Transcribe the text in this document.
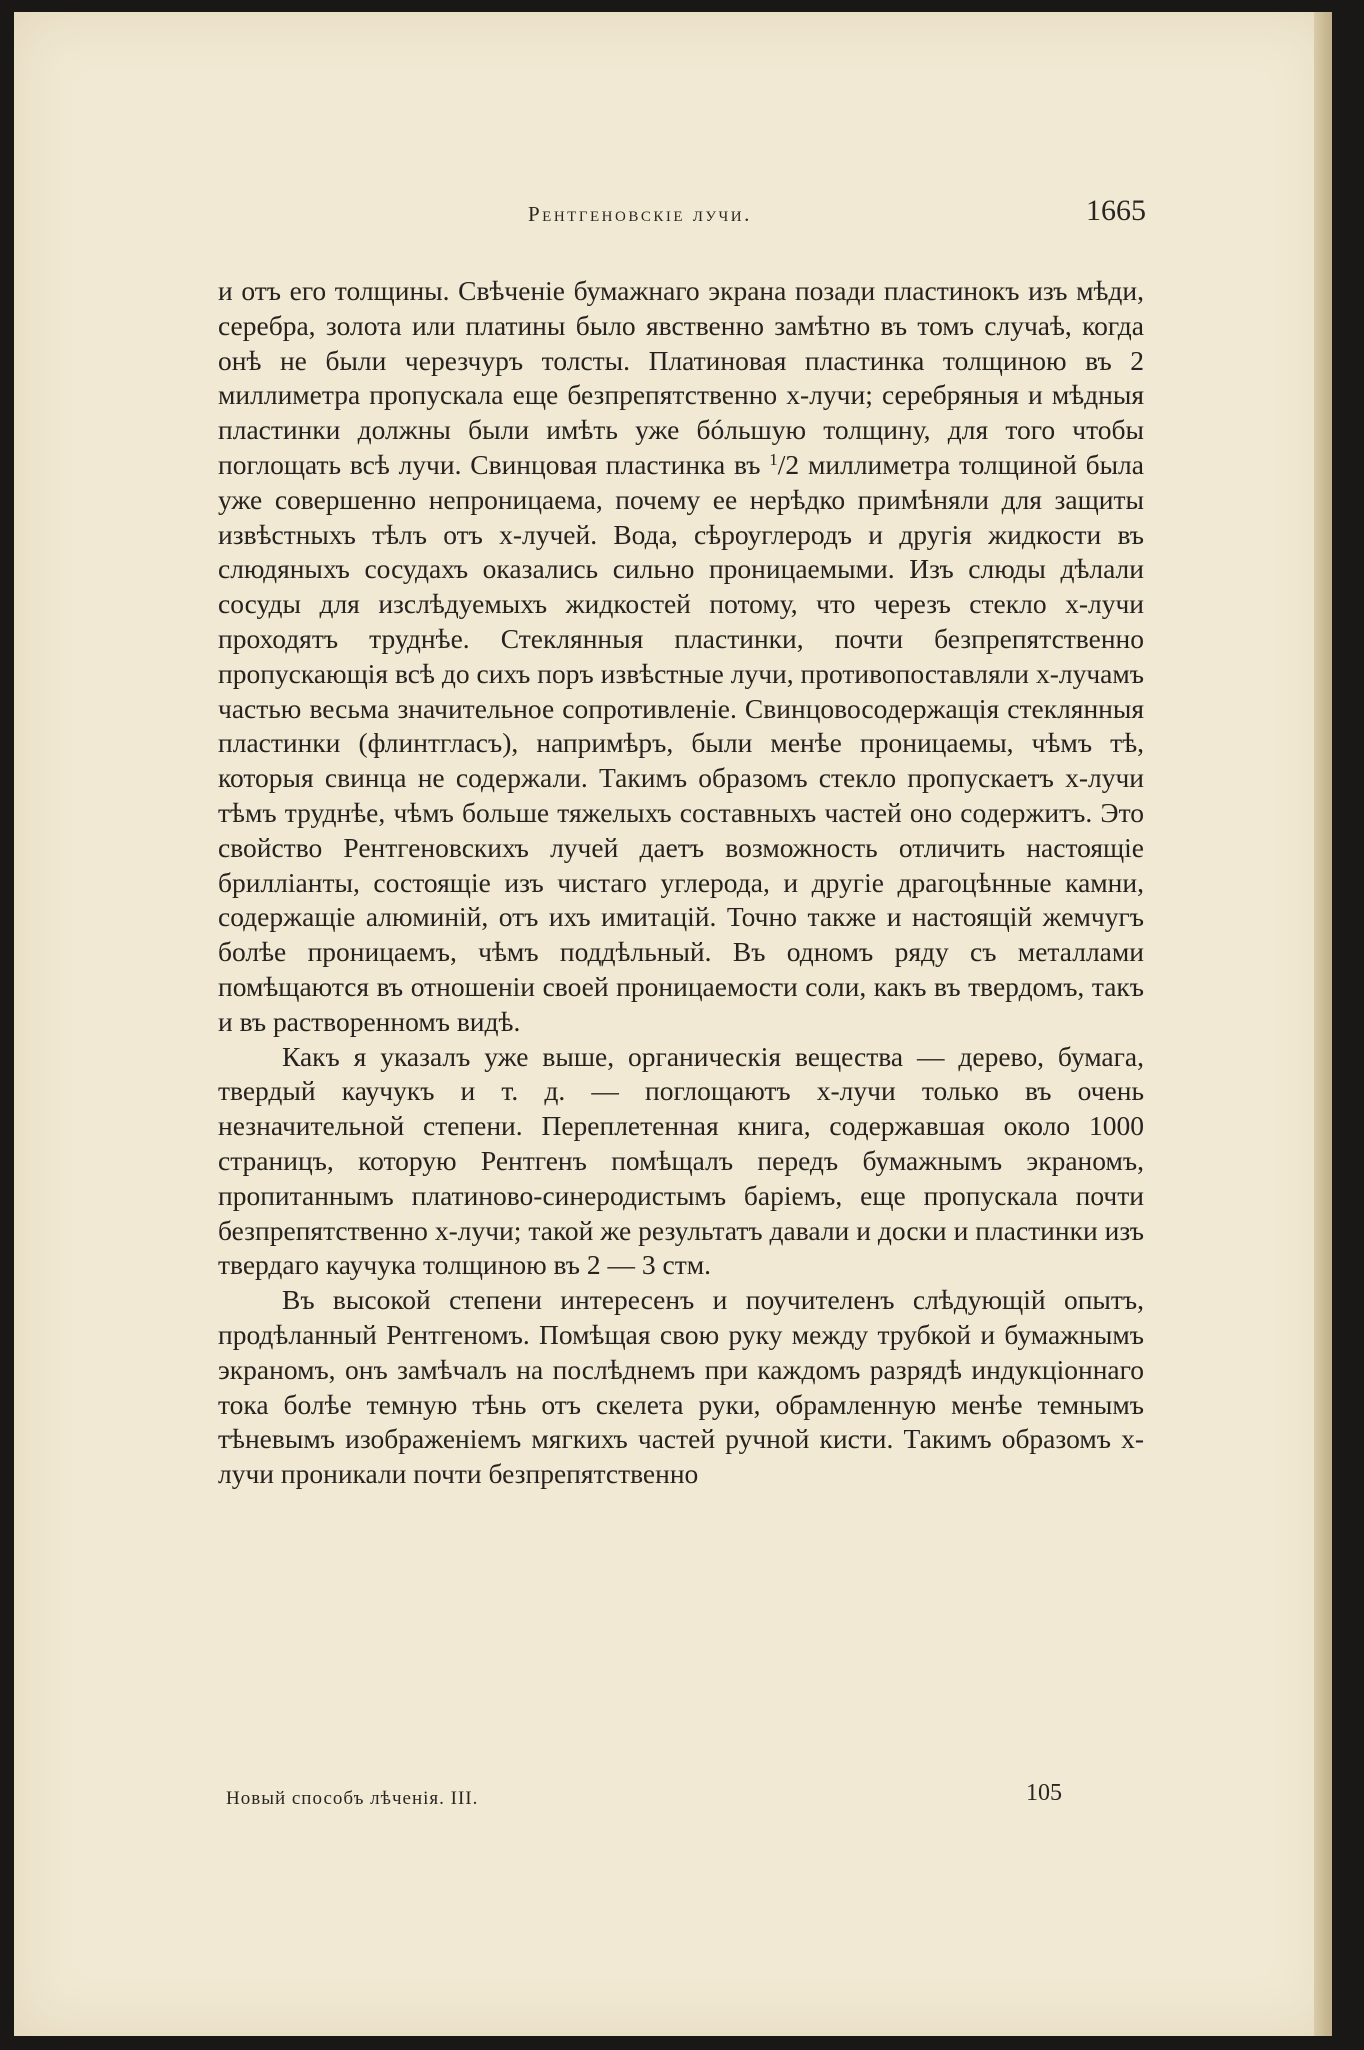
Рентгеновскіе лучи.	1665

и отъ его толщины. Свѣченіе бумажнаго экрана позади пластинокъ изъ мѣди, серебра, золота или платины было явственно замѣтно въ томъ случаѣ, когда онѣ не были черезчуръ толсты. Платиновая пластинка толщиною въ 2 миллиметра пропускала еще безпрепятственно x-лучи; серебряныя и мѣдныя пластинки должны были имѣть уже бóльшую толщину, для того чтобы поглощать всѣ лучи. Свинцовая пластинка въ $^1$/2 миллиметра толщиной была уже совершенно непроницаема, почему ее нерѣдко примѣняли для защиты извѣстныхъ тѣлъ отъ x-лучей. Вода, сѣроуглеродъ и другія жидкости въ слюдяныхъ сосудахъ оказались сильно проницаемыми. Изъ слюды дѣлали сосуды для изслѣдуемыхъ жидкостей потому, что черезъ стекло x-лучи проходятъ труднѣе. Стеклянныя пластинки, почти безпрепятственно пропускающія всѣ до сихъ поръ извѣстные лучи, противопоставляли x-лучамъ частью весьма значительное сопротивленіе. Свинцовосодержащія стеклянныя пластинки (флинтгласъ), напримѣръ, были менѣе проницаемы, чѣмъ тѣ, которыя свинца не содержали. Такимъ образомъ стекло пропускаетъ x-лучи тѣмъ труднѣе, чѣмъ больше тяжелыхъ составныхъ частей оно содержитъ. Это свойство Рентгеновскихъ лучей даетъ возможность отличить настоящіе брилліанты, состоящіе изъ чистаго углерода, и другіе драгоцѣнные камни, содержащіе алюминій, отъ ихъ имитацій. Точно также и настоящій жемчугъ болѣе проницаемъ, чѣмъ поддѣльный. Въ одномъ ряду съ металлами помѣщаются въ отношеніи своей проницаемости соли, какъ въ твердомъ, такъ и въ растворенномъ видѣ.

Какъ я указалъ уже выше, органическія вещества — дерево, бумага, твердый каучукъ и т. д. — поглощаютъ x-лучи только въ очень незначительной степени. Переплетенная книга, содержавшая около 1000 страницъ, которую Рентгенъ помѣщалъ передъ бумажнымъ экраномъ, пропитаннымъ платиново-синеродистымъ баріемъ, еще пропускала почти безпрепятственно x-лучи; такой же результатъ давали и доски и пластинки изъ твердаго каучука толщиною въ 2 — 3 стм.

Въ высокой степени интересенъ и поучителенъ слѣдующій опытъ, продѣланный Рентгеномъ. Помѣщая свою руку между трубкой и бумажнымъ экраномъ, онъ замѣчалъ на послѣднемъ при каждомъ разрядѣ индукціоннаго тока болѣе темную тѣнь отъ скелета руки, обрамленную менѣе темнымъ тѣневымъ изображеніемъ мягкихъ частей ручной кисти. Такимъ образомъ x-лучи проникали почти безпрепятственно

Новый способъ лѣченія. III.	105
